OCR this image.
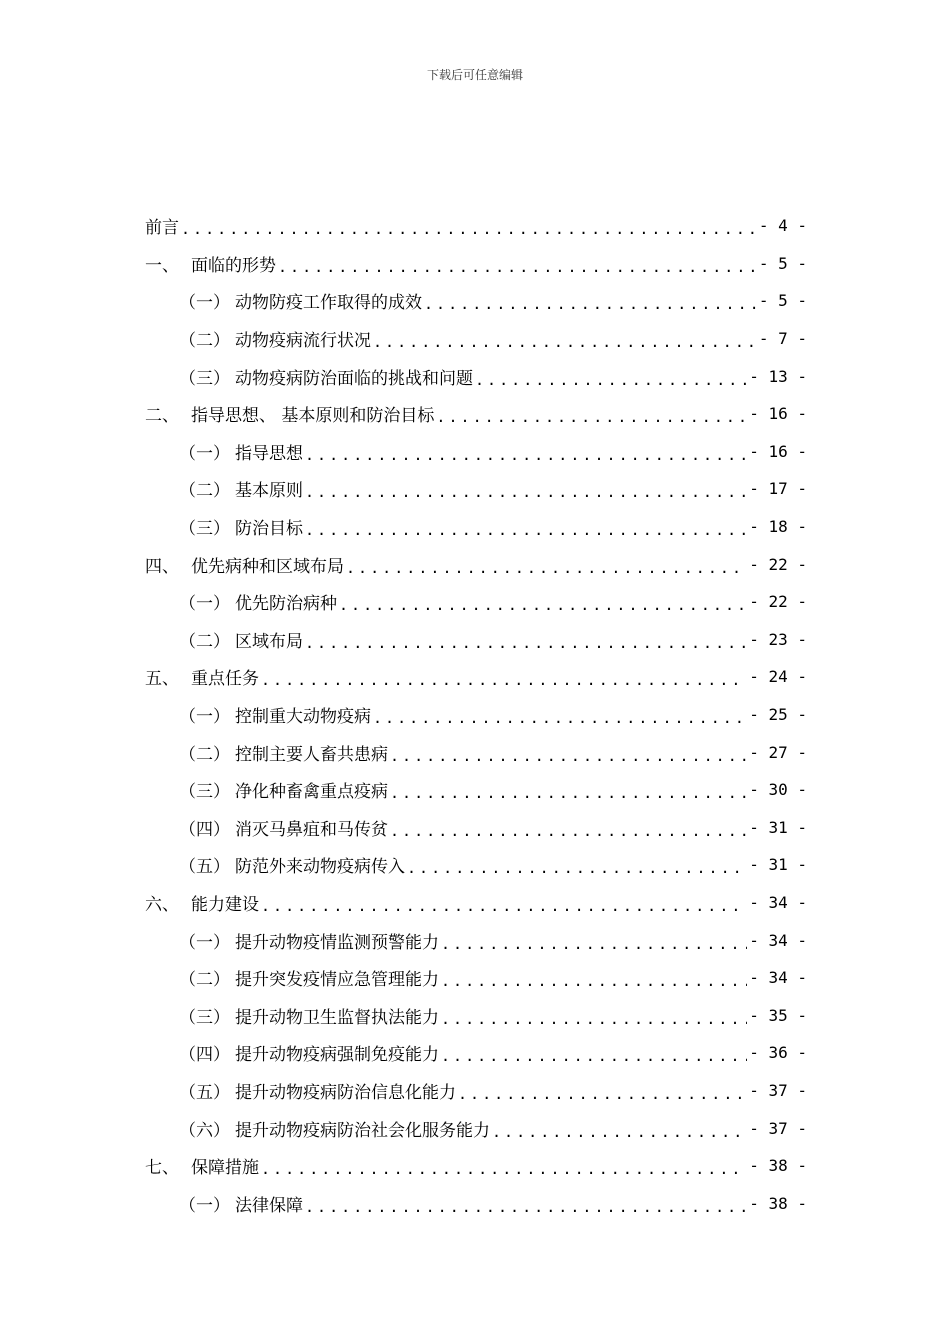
下载后可任意编辑
前言 . . .	- 4 -
一、 面临的形势 . . .	- 5 -
（一） 动物防疫工作取得的成效 . . .	- 5 -
（二） 动物疫病流行状况 . . .	- 7 -
（三） 动物疫病防治面临的挑战和问题 . . .	- 13 -
二、 指导思想、 基本原则和防治目标 . . .	- 16 -
（一） 指导思想 . . .	- 16 -
（二） 基本原则 . . .	- 17 -
（三） 防治目标 . . .	- 18 -
四、 优先病种和区域布局 . . .	- 22 -
（一） 优先防治病种 . . .	- 22 -
（二） 区域布局 . . .	- 23 -
五、 重点任务 . . .	- 24 -
（一） 控制重大动物疫病 . . .	- 25 -
（二） 控制主要人畜共患病 . . .	- 27 -
（三） 净化种畜禽重点疫病 . . .	- 30 -
（四） 消灭马鼻疽和马传贫 . . .	- 31 -
（五） 防范外来动物疫病传入 . . .	- 31 -
六、 能力建设 . . .	- 34 -
（一） 提升动物疫情监测预警能力 . . .	- 34 -
（二） 提升突发疫情应急管理能力 . . .	- 34 -
（三） 提升动物卫生监督执法能力 . . .	- 35 -
（四） 提升动物疫病强制免疫能力 . . .	- 36 -
（五） 提升动物疫病防治信息化能力 . . .	- 37 -
（六） 提升动物疫病防治社会化服务能力 . . .	- 37 -
七、 保障措施 . . .	- 38 -
（一） 法律保障 . . .	- 38 -
